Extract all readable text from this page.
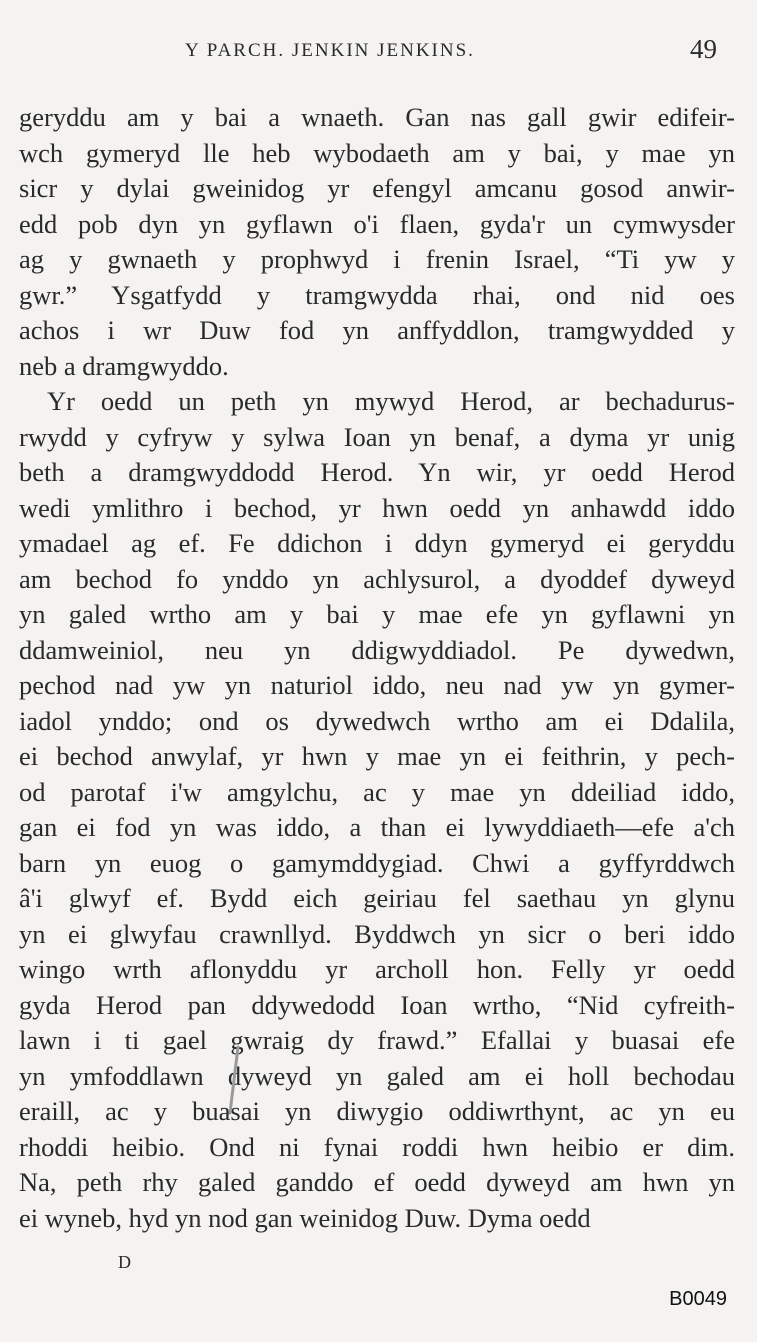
Y PARCH. JENKIN JENKINS.	49
geryddu am y bai a wnaeth. Gan nas gall gwir edifeir-
wch gymeryd lle heb wybodaeth am y bai, y mae yn
sicr y dylai gweinidog yr efengyl amcanu gosod anwir-
edd pob dyn yn gyflawn o'i flaen, gyda'r un cymwysder
ag y gwnaeth y prophwyd i frenin Israel, “Ti yw y
gwr.” Ysgatfydd y tramgwydda rhai, ond nid oes
achos i wr Duw fod yn anffyddlon, tramgwydded y
neb a dramgwyddo.
Yr oedd un peth yn mywyd Herod, ar bechadurus-
rwydd y cyfryw y sylwa Ioan yn benaf, a dyma yr unig
beth a dramgwyddodd Herod. Yn wir, yr oedd Herod
wedi ymlithro i bechod, yr hwn oedd yn anhawdd iddo
ymadael ag ef. Fe ddichon i ddyn gymeryd ei geryddu
am bechod fo ynddo yn achlysurol, a dyoddef dyweyd
yn galed wrtho am y bai y mae efe yn gyflawni yn
ddamweiniol, neu yn ddigwyddiadol. Pe dywedwn,
pechod nad yw yn naturiol iddo, neu nad yw yn gymer-
iadol ynddo; ond os dywedwch wrtho am ei Ddalila,
ei bechod anwylaf, yr hwn y mae yn ei feithrin, y pech-
od parotaf i'w amgylchu, ac y mae yn ddeiliad iddo,
gan ei fod yn was iddo, a than ei lywyddiaeth—efe a'ch
barn yn euog o gamymddygiad. Chwi a gyffyrddwch
â'i glwyf ef. Bydd eich geiriau fel saethau yn glynu
yn ei glwyfau crawnllyd. Byddwch yn sicr o beri iddo
wingo wrth aflonyddu yr archoll hon. Felly yr oedd
gyda Herod pan ddywedodd Ioan wrtho, “Nid cyfreith-
lawn i ti gael gwraig dy frawd.” Efallai y buasai efe
yn ymfoddlawn dyweyd yn galed am ei holl bechodau
eraill, ac y buasai yn diwygio oddiwrthynt, ac yn eu
rhoddi heibio. Ond ni fynai roddi hwn heibio er dim.
Na, peth rhy galed ganddo ef oedd dyweyd am hwn yn
ei wyneb, hyd yn nod gan weinidog Duw. Dyma oedd
D
B0049
